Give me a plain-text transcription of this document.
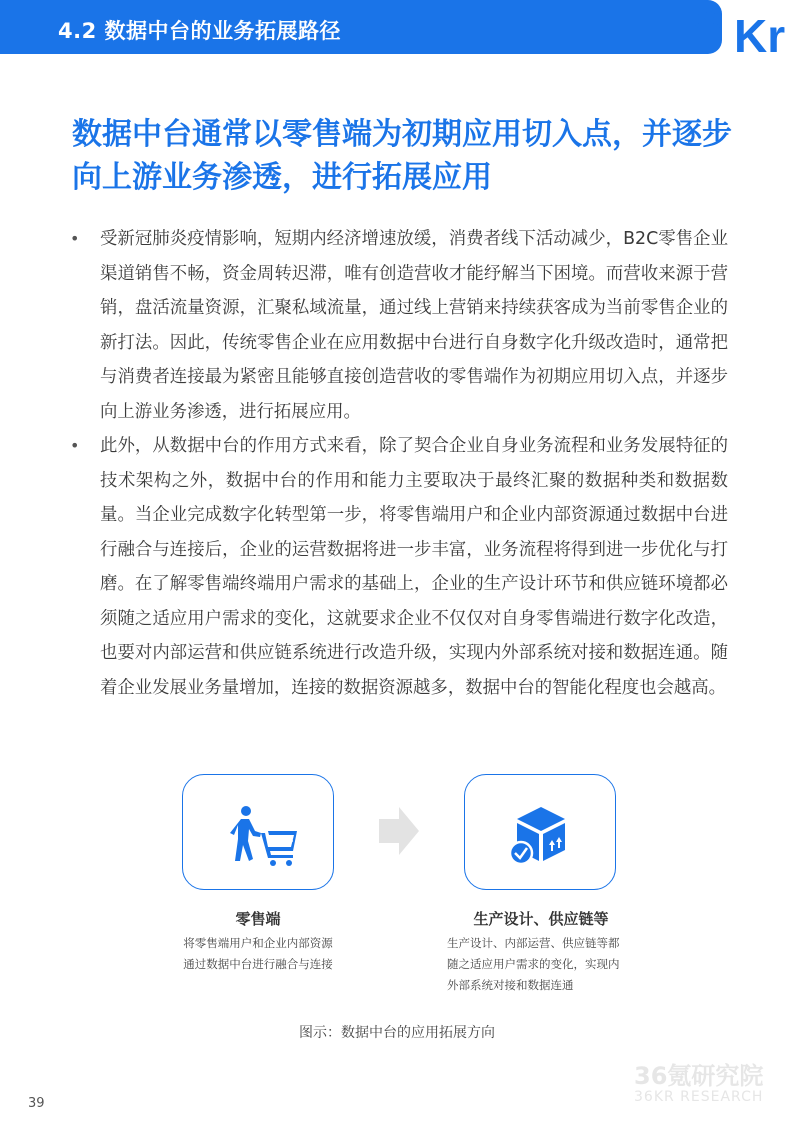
4.2 数据中台的业务拓展路径	36 Kr
数据中台通常以零售端为初期应用切入点，并逐步向上游业务渗透，进行拓展应用
• 受新冠肺炎疫情影响，短期内经济增速放缓，消费者线下活动减少，B2C零售企业渠道销售不畅，资金周转迟滞，唯有创造营收才能纾解当下困境。而营收来源于营销，盘活流量资源，汇聚私域流量，通过线上营销来持续获客成为当前零售企业的新打法。因此，传统零售企业在应用数据中台进行自身数字化升级改造时，通常把与消费者连接最为紧密且能够直接创造营收的零售端作为初期应用切入点，并逐步向上游业务渗透，进行拓展应用。

• 此外，从数据中台的作用方式来看，除了契合企业自身业务流程和业务发展特征的技术架构之外，数据中台的作用和能力主要取决于最终汇聚的数据种类和数据数量。当企业完成数字化转型第一步，将零售端用户和企业内部资源通过数据中台进行融合与连接后，企业的运营数据将进一步丰富，业务流程将得到进一步优化与打磨。在了解零售端终端用户需求的基础上，企业的生产设计环节和供应链环境都必须随之适应用户需求的变化，这就要求企业不仅仅对自身零售端进行数字化改造，也要对内部运营和供应链系统进行改造升级，实现内外部系统对接和数据连通。随着企业发展业务量增加，连接的数据资源越多，数据中台的智能化程度也会越高。

零售端
将零售端用户和企业内部资源
通过数据中台进行融合与连接
生产设计、供应链等
生产设计、内部运营、供应链等都
随之适应用户需求的变化，实现内
外部系统对接和数据连通
图示：数据中台的应用拓展方向
36氪研究院
36KR RESEARCH
39
